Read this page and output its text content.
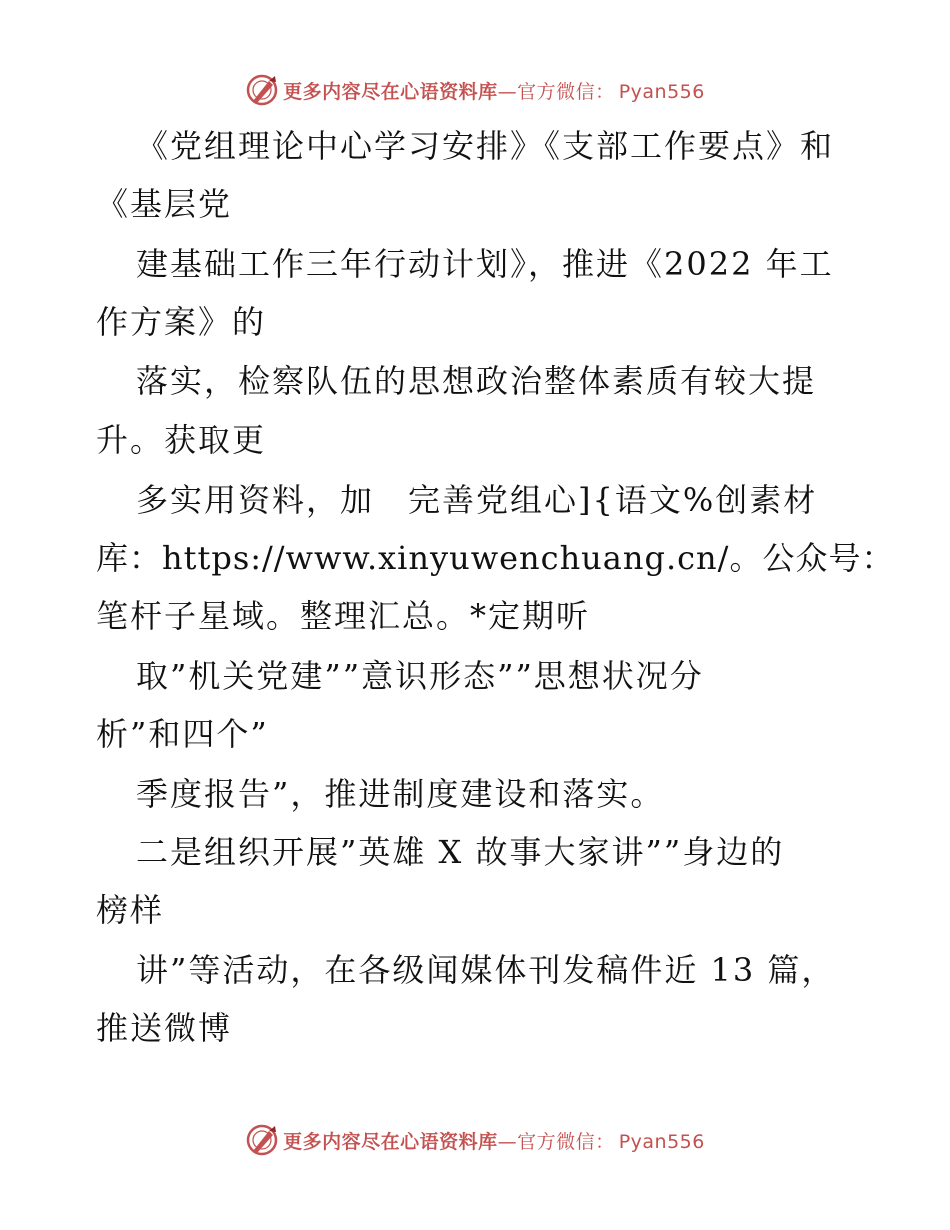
更多内容尽在心语资料库—官方微信： Pyan556
《党组理论中心学习安排》《支部工作要点》和
《基层党
建基础工作三年行动计划》，推进《2022 年工
作方案》的
落实，检察队伍的思想政治整体素质有较大提
升。获取更
多实用资料，加　完善党组心]{语文%创素材
库：https://www.xinyuwenchuang.cn/。公众号：
笔杆子星域。整理汇总。*定期听
取”机关党建””意识形态””思想状况分
析”和四个”
季度报告”，推进制度建设和落实。
二是组织开展”英雄 X 故事大家讲””身边的
榜样
讲”等活动，在各级闻媒体刊发稿件近 13 篇，
推送微博
更多内容尽在心语资料库—官方微信： Pyan556
